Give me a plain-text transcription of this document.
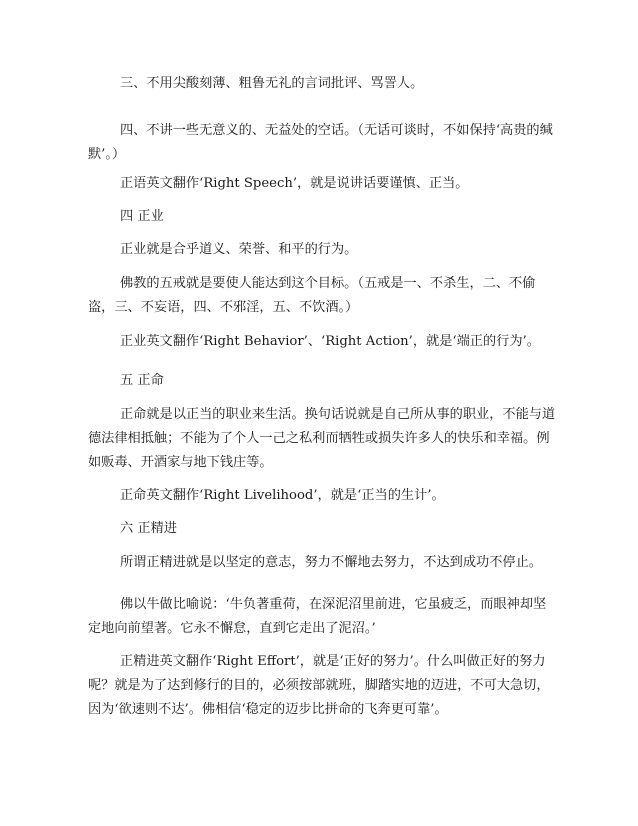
三、不用尖酸刻薄、粗鲁无礼的言词批评、骂詈人。

四、不讲一些无意义的、无益处的空话。（无话可谈时，不如保持‘高贵的缄默’。）

正语英文翻作‘Right Speech’，就是说讲话要谨慎、正当。

四 正业

正业就是合乎道义、荣誉、和平的行为。

佛教的五戒就是要使人能达到这个目标。（五戒是一、不杀生，二、不偷盗，三、不妄语，四、不邪淫，五、不饮酒。）

正业英文翻作‘Right Behavior’、‘Right Action’，就是‘端正的行为’。

五 正命

正命就是以正当的职业来生活。换句话说就是自己所从事的职业，不能与道德法律相抵触；不能为了个人一己之私利而牺牲或损失许多人的快乐和幸福。例如贩毒、开酒家与地下钱庄等。

正命英文翻作‘Right Livelihood’，就是‘正当的生计’。

六 正精进

所谓正精进就是以坚定的意志，努力不懈地去努力，不达到成功不停止。

佛以牛做比喻说：‘牛负著重荷，在深泥沼里前进，它虽疲乏，而眼神却坚定地向前望著。它永不懈怠，直到它走出了泥沼。’

正精进英文翻作‘Right Effort’，就是‘正好的努力’。什么叫做正好的努力呢？就是为了达到修行的目的，必须按部就班，脚踏实地的迈进，不可大急切，因为‘欲速则不达’。佛相信‘稳定的迈步比拼命的飞奔更可靠’。
